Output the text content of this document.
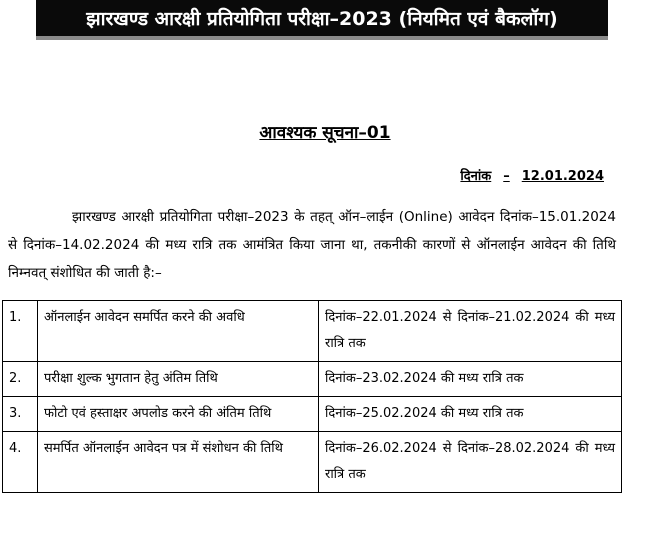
झारखण्ड आरक्षी प्रतियोगिता परीक्षा–2023 (नियमित एवं बैकलॉग)
आवश्यक सूचना–01
दिनांक – 12.01.2024
झारखण्ड आरक्षी प्रतियोगिता परीक्षा–2023 के तहत् ऑन–लाईन (Online) आवेदन दिनांक–15.01.2024 से दिनांक–14.02.2024 की मध्य रात्रि तक आमंत्रित किया जाना था, तकनीकी कारणों से ऑनलाईन आवेदन की तिथि निम्नवत् संशोधित की जाती है:–
1.	ऑनलाईन आवेदन समर्पित करने की अवधि	दिनांक–22.01.2024 से दिनांक–21.02.2024 की मध्य रात्रि तक
2.	परीक्षा शुल्क भुगतान हेतु अंतिम तिथि	दिनांक–23.02.2024 की मध्य रात्रि तक
3.	फोटो एवं हस्ताक्षर अपलोड करने की अंतिम तिथि	दिनांक–25.02.2024 की मध्य रात्रि तक
4.	समर्पित ऑनलाईन आवेदन पत्र में संशोधन की तिथि	दिनांक–26.02.2024 से दिनांक–28.02.2024 की मध्य रात्रि तक
